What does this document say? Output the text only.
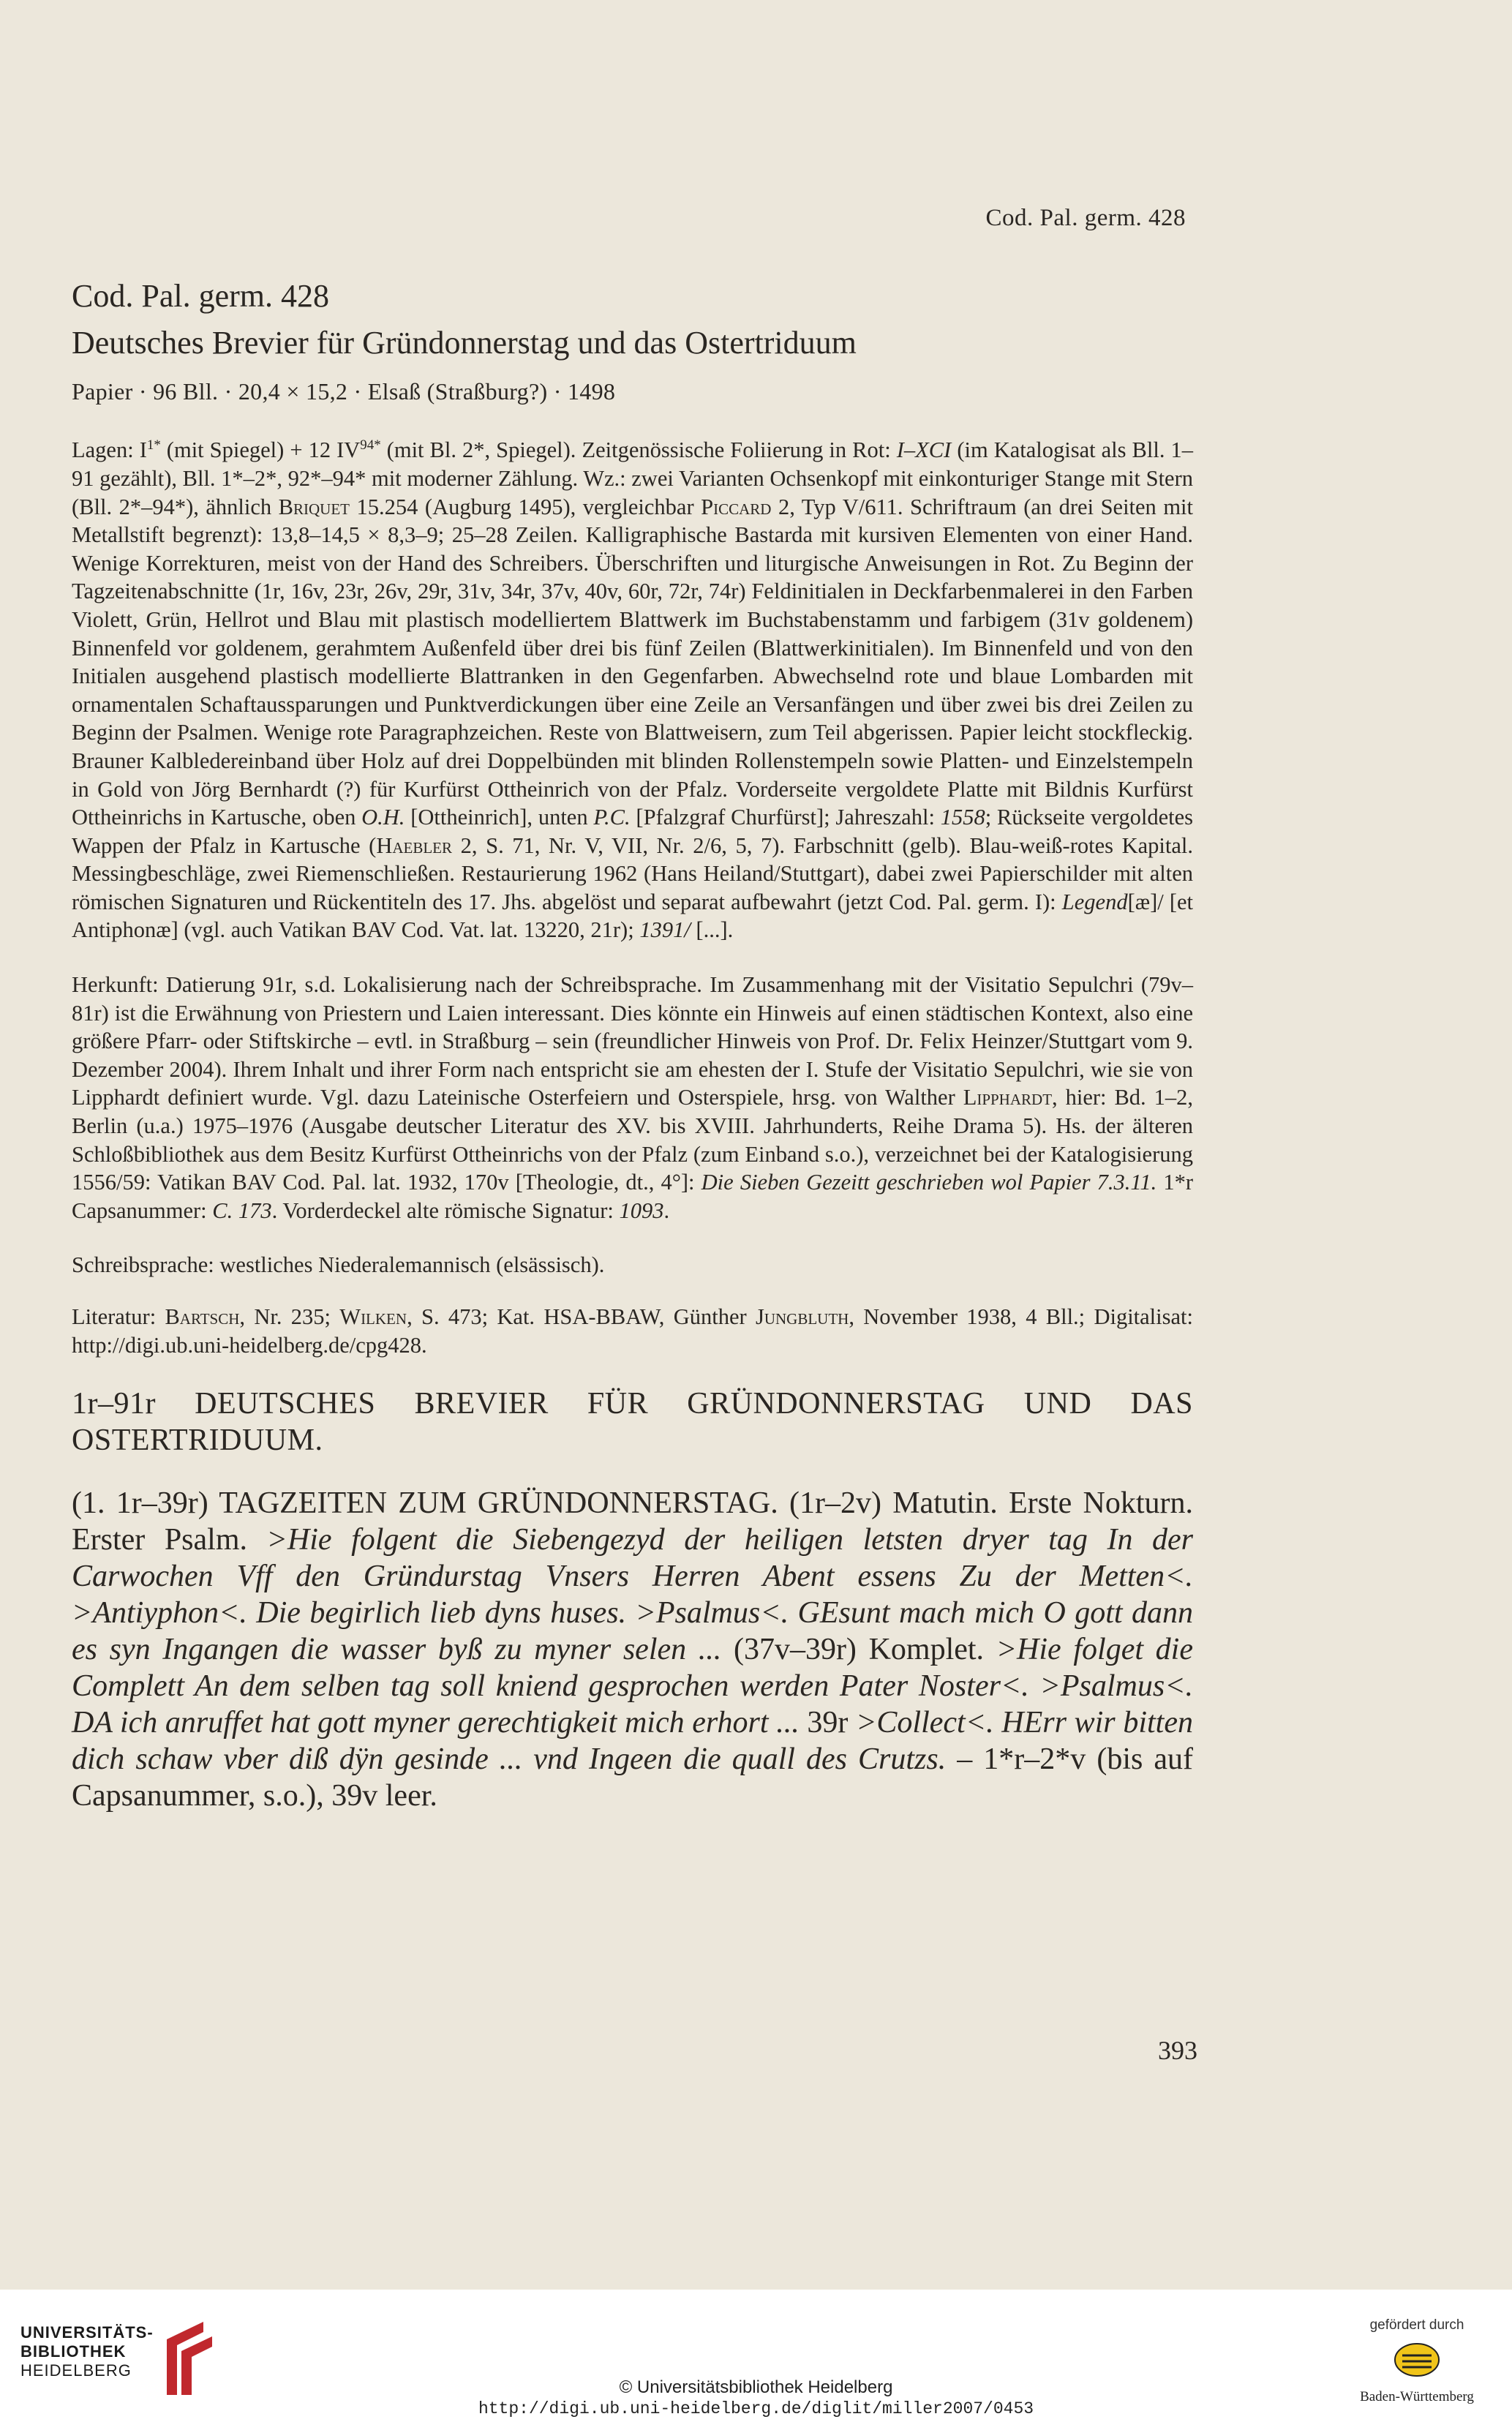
Cod. Pal. germ. 428
Cod. Pal. germ. 428
Deutsches Brevier für Gründonnerstag und das Ostertriduum
Papier · 96 Bll. · 20,4 × 15,2 · Elsaß (Straßburg?) · 1498

Lagen: $I^{1*}$ (mit Spiegel) + 12 $IV^{94*}$ (mit Bl. 2*, Spiegel). Zeitgenössische Foliierung in Rot: I–XCI (im Katalogisat als Bll. 1–91 gezählt), Bll. 1*–2*, 92*–94* mit moderner Zählung. Wz.: zwei Varianten Ochsenkopf mit einkonturiger Stange mit Stern (Bll. 2*–94*), ähnlich Briquet 15.254 (Augburg 1495), vergleichbar Piccard 2, Typ V/611. Schriftraum (an drei Seiten mit Metallstift begrenzt): 13,8–14,5 × 8,3–9; 25–28 Zeilen. Kalligraphische Bastarda mit kursiven Elementen von einer Hand. Wenige Korrekturen, meist von der Hand des Schreibers. Überschriften und liturgische Anweisungen in Rot. Zu Beginn der Tagzeitenabschnitte (1r, 16v, 23r, 26v, 29r, 31v, 34r, 37v, 40v, 60r, 72r, 74r) Feldinitialen in Deckfarbenmalerei in den Farben Violett, Grün, Hellrot und Blau mit plastisch modelliertem Blattwerk im Buchstabenstamm und farbigem (31v goldenem) Binnenfeld vor goldenem, gerahmtem Außenfeld über drei bis fünf Zeilen (Blattwerkinitialen). Im Binnenfeld und von den Initialen ausgehend plastisch modellierte Blattranken in den Gegenfarben. Abwechselnd rote und blaue Lombarden mit ornamentalen Schaftaussparungen und Punktverdickungen über eine Zeile an Versanfängen und über zwei bis drei Zeilen zu Beginn der Psalmen. Wenige rote Paragraphzeichen. Reste von Blattweisern, zum Teil abgerissen. Papier leicht stockfleckig. Brauner Kalbledereinband über Holz auf drei Doppelbünden mit blinden Rollenstempeln sowie Platten- und Einzelstempeln in Gold von Jörg Bernhardt (?) für Kurfürst Ottheinrich von der Pfalz. Vorderseite vergoldete Platte mit Bildnis Kurfürst Ottheinrichs in Kartusche, oben O.H. [Ottheinrich], unten P.C. [Pfalzgraf Churfürst]; Jahreszahl: 1558; Rückseite vergoldetes Wappen der Pfalz in Kartusche (Haebler 2, S. 71, Nr. V, VII, Nr. 2/6, 5, 7). Farbschnitt (gelb). Blau-weiß-rotes Kapital. Messingbeschläge, zwei Riemenschließen. Restaurierung 1962 (Hans Heiland/Stuttgart), dabei zwei Papierschilder mit alten römischen Signaturen und Rückentiteln des 17. Jhs. abgelöst und separat aufbewahrt (jetzt Cod. Pal. germ. I): Legend[æ]/ [et Antiphonæ] (vgl. auch Vatikan BAV Cod. Vat. lat. 13220, 21r); 1391/ [...].

Herkunft: Datierung 91r, s.d. Lokalisierung nach der Schreibsprache. Im Zusammenhang mit der Visitatio Sepulchri (79v–81r) ist die Erwähnung von Priestern und Laien interessant. Dies könnte ein Hinweis auf einen städtischen Kontext, also eine größere Pfarr- oder Stiftskirche – evtl. in Straßburg – sein (freundlicher Hinweis von Prof. Dr. Felix Heinzer/Stuttgart vom 9. Dezember 2004). Ihrem Inhalt und ihrer Form nach entspricht sie am ehesten der I. Stufe der Visitatio Sepulchri, wie sie von Lipphardt definiert wurde. Vgl. dazu Lateinische Osterfeiern und Osterspiele, hrsg. von Walther Lipphardt, hier: Bd. 1–2, Berlin (u.a.) 1975–1976 (Ausgabe deutscher Literatur des XV. bis XVIII. Jahrhunderts, Reihe Drama 5). Hs. der älteren Schloßbibliothek aus dem Besitz Kurfürst Ottheinrichs von der Pfalz (zum Einband s.o.), verzeichnet bei der Katalogisierung 1556/59: Vatikan BAV Cod. Pal. lat. 1932, 170v [Theologie, dt., 4°]: Die Sieben Gezeitt geschrieben wol Papier 7.3.11. 1*r Capsanummer: C. 173. Vorderdeckel alte römische Signatur: 1093.

Schreibsprache: westliches Niederalemannisch (elsässisch).

Literatur: Bartsch, Nr. 235; Wilken, S. 473; Kat. HSA-BBAW, Günther Jungbluth, November 1938, 4 Bll.; Digitalisat: http://digi.ub.uni-heidelberg.de/cpg428.

1r–91r DEUTSCHES BREVIER FÜR GRÜNDONNERSTAG UND DAS OSTERTRIDUUM.

(1. 1r–39r) TAGZEITEN ZUM GRÜNDONNERSTAG. (1r–2v) Matutin. Erste Nokturn. Erster Psalm. >Hie folgent die Siebengezyd der heiligen letsten dryer tag In der Carwochen Vff den Gründurstag Vnsers Herren Abent essens Zu der Metten<. >Antiyphon<. Die begirlich lieb dyns huses. >Psalmus<. GEsunt mach mich O gott dann es syn Ingangen die wasser byß zu myner selen ... (37v–39r) Komplet. >Hie folget die Complett An dem selben tag soll kniend gesprochen werden Pater Noster<. >Psalmus<. DA ich anruffet hat gott myner gerechtigkeit mich erhort ... 39r >Collect<. HErr wir bitten dich schaw vber diß dÿn gesinde ... vnd Ingeen die quall des Crutzs. – 1*r–2*v (bis auf Capsanummer, s.o.), 39v leer.

393
UNIVERSITÄTS-
BIBLIOTHEK
HEIDELBERG
© Universitätsbibliothek Heidelberg
http://digi.ub.uni-heidelberg.de/diglit/miller2007/0453
gefördert durch
Baden-Württemberg
